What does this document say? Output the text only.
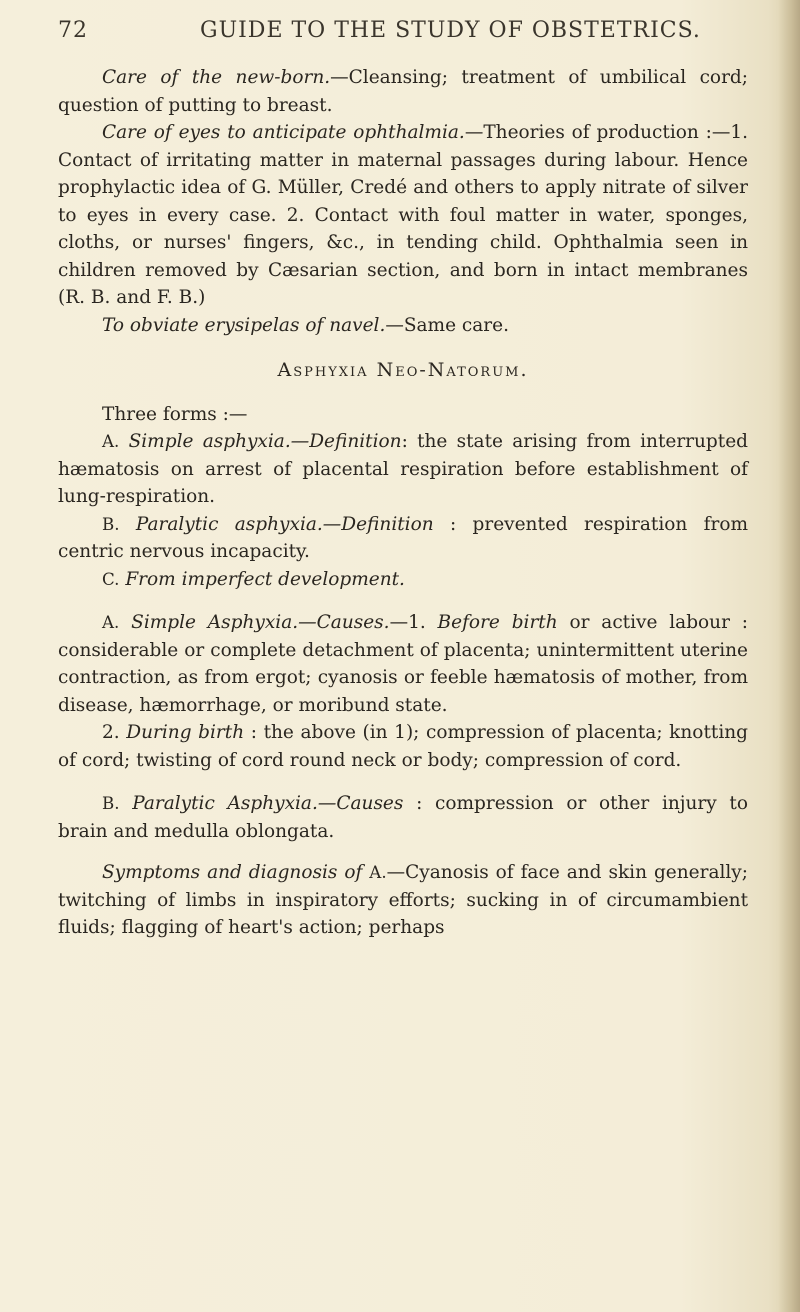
72	GUIDE TO THE STUDY OF OBSTETRICS.

Care of the new-born.—Cleansing; treatment of umbilical cord; question of putting to breast.

Care of eyes to anticipate ophthalmia.—Theories of production :—1. Contact of irritating matter in maternal passages during labour. Hence prophylactic idea of G. Müller, Credé and others to apply nitrate of silver to eyes in every case. 2. Contact with foul matter in water, sponges, cloths, or nurses' fingers, &c., in tending child. Ophthalmia seen in children removed by Cæsarian section, and born in intact membranes (R. B. and F. B.)

To obviate erysipelas of navel.—Same care.

Asphyxia Neo-Natorum.

Three forms :—

A. Simple asphyxia.—Definition: the state arising from interrupted hæmatosis on arrest of placental respiration before establishment of lung-respiration.

B. Paralytic asphyxia.—Definition : prevented respiration from centric nervous incapacity.

C. From imperfect development.

A. Simple Asphyxia.—Causes.—1. Before birth or active labour : considerable or complete detachment of placenta; unintermittent uterine contraction, as from ergot; cyanosis or feeble hæmatosis of mother, from disease, hæmorrhage, or moribund state.

2. During birth : the above (in 1); compression of placenta; knotting of cord; twisting of cord round neck or body; compression of cord.

B. Paralytic Asphyxia.—Causes : compression or other injury to brain and medulla oblongata.

Symptoms and diagnosis of A.—Cyanosis of face and skin generally; twitching of limbs in inspiratory efforts; sucking in of circumambient fluids; flagging of heart's action; perhaps
